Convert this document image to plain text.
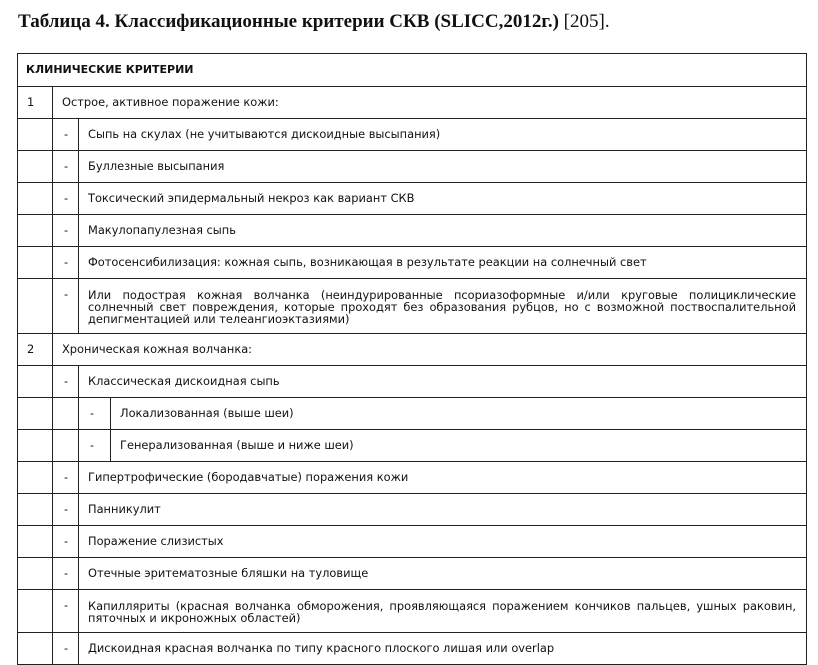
Таблица 4. Классификационные критерии СКВ (SLICC,2012г.) [205].
КЛИНИЧЕСКИЕ КРИТЕРИИ			
1	Острое, активное поражение кожи:		
	-	Сыпь на скулах (не учитываются дискоидные высыпания)	
	-	Буллезные высыпания	
	-	Токсический эпидермальный некроз как вариант СКВ	
	-	Макулопапулезная сыпь	
	-	Фотосенсибилизация: кожная сыпь, возникающая в результате реакции на солнечный свет	
	-	Или подострая кожная волчанка (неиндурированные псориазоформные и/или круговые полициклические солнечный свет повреждения, которые проходят без образования рубцов, но с возможной поствоспалительной депигментацией или телеангиоэктазиями)	
2	Хроническая кожная волчанка:		
	-	Классическая дискоидная сыпь	
		-	Локализованная (выше шеи)
		-	Генерализованная (выше и ниже шеи)
	-	Гипертрофические (бородавчатые) поражения кожи	
	-	Панникулит	
	-	Поражение слизистых	
	-	Отечные эритематозные бляшки на туловище	
	-	Капилляриты (красная волчанка обморожения, проявляющаяся поражением кончиков пальцев, ушных раковин, пяточных и икроножных областей)	
	-	Дискоидная красная волчанка по типу красного плоского лишая или overlap	
